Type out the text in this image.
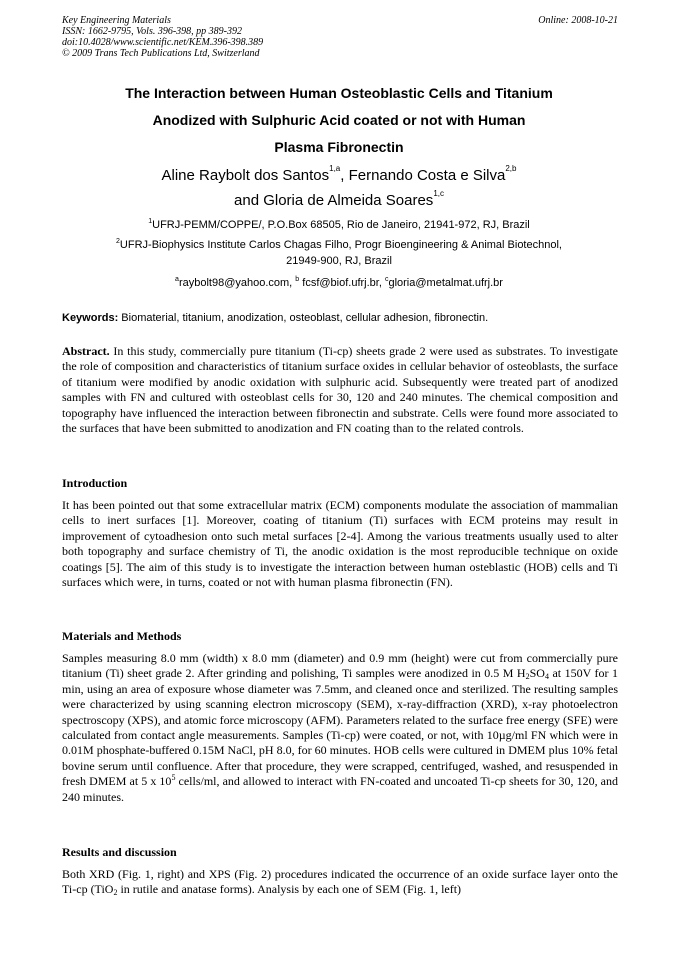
Key Engineering Materials
ISSN: 1662-9795, Vols. 396-398, pp 389-392
doi:10.4028/www.scientific.net/KEM.396-398.389
© 2009 Trans Tech Publications Ltd, Switzerland
Online: 2008-10-21
The Interaction between Human Osteoblastic Cells and Titanium
Anodized with Sulphuric Acid coated or not with Human
Plasma Fibronectin
Aline Raybolt dos Santos$^{1,a}$, Fernando Costa e Silva$^{2,b}$
and Gloria de Almeida Soares$^{1,c}$
$^1$UFRJ-PEMM/COPPE/, P.O.Box 68505, Rio de Janeiro, 21941-972, RJ, Brazil
$^2$UFRJ-Biophysics Institute Carlos Chagas Filho, Progr Bioengineering & Animal Biotechnol,
21949-900, RJ, Brazil
$^a$raybolt98@yahoo.com, $^b$ fcsf@biof.ufrj.br, $^c$gloria@metalmat.ufrj.br
Keywords: Biomaterial, titanium, anodization, osteoblast, cellular adhesion, fibronectin.
Abstract. In this study, commercially pure titanium (Ti-cp) sheets grade 2 were used as substrates. To investigate the role of composition and characteristics of titanium surface oxides in cellular behavior of osteoblasts, the surface of titanium were modified by anodic oxidation with sulphuric acid. Subsequently were treated part of anodized samples with FN and cultured with osteoblast cells for 30, 120 and 240 minutes. The chemical composition and topography have influenced the interaction between fibronectin and substrate. Cells were found more associated to the surfaces that have been submitted to anodization and FN coating than to the related controls.
Introduction
It has been pointed out that some extracellular matrix (ECM) components modulate the association of mammalian cells to inert surfaces [1]. Moreover, coating of titanium (Ti) surfaces with ECM proteins may result in improvement of cytoadhesion onto such metal surfaces [2-4]. Among the various treatments usually used to alter both topography and surface chemistry of Ti, the anodic oxidation is the most reproducible technique on oxide coatings [5]. The aim of this study is to investigate the interaction between human osteblastic (HOB) cells and Ti surfaces which were, in turns, coated or not with human plasma fibronectin (FN).
Materials and Methods
Samples measuring 8.0 mm (width) x 8.0 mm (diameter) and 0.9 mm (height) were cut from commercially pure titanium (Ti) sheet grade 2. After grinding and polishing, Ti samples were anodized in 0.5 M $H_2SO_4$ at 150V for 1 min, using an area of exposure whose diameter was 7.5mm, and cleaned once and sterilized. The resulting samples were characterized by using scanning electron microscopy (SEM), x-ray-diffraction (XRD), x-ray photoelectron spectroscopy (XPS), and atomic force microscopy (AFM). Parameters related to the surface free energy (SFE) were calculated from contact angle measurements. Samples (Ti-cp) were coated, or not, with 10µg/ml FN which were in 0.01M phosphate-buffered 0.15M NaCl, pH 8.0, for 60 minutes. HOB cells were cultured in DMEM plus 10% fetal bovine serum until confluence. After that procedure, they were scrapped, centrifuged, washed, and resuspended in fresh DMEM at 5 x $10^5$ cells/ml, and allowed to interact with FN-coated and uncoated Ti-cp sheets for 30, 120, and 240 minutes.
Results and discussion
Both XRD (Fig. 1, right) and XPS (Fig. 2) procedures indicated the occurrence of an oxide surface layer onto the Ti-cp (TiO$_2$ in rutile and anatase forms). Analysis by each one of SEM (Fig. 1, left)
